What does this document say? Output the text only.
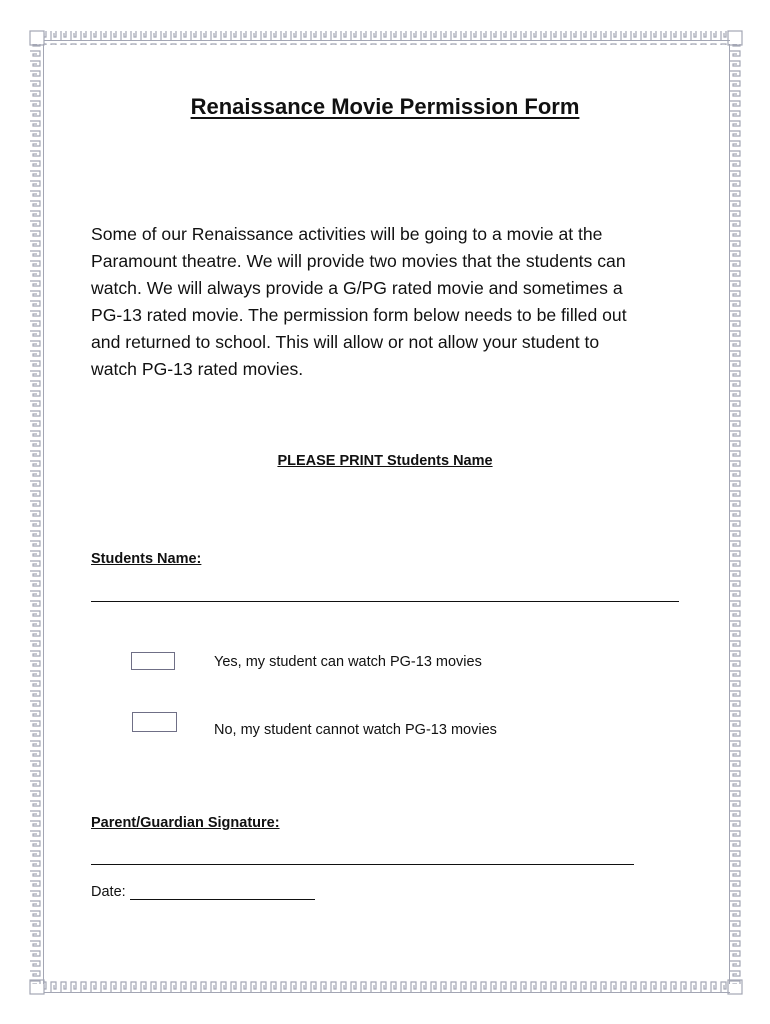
Renaissance Movie Permission Form

Some of our Renaissance activities will be going to a movie at the
Paramount theatre. We will provide two movies that the students can
watch. We will always provide a G/PG rated movie and sometimes a
PG-13 rated movie. The permission form below needs to be filled out
and returned to school. This will allow or not allow your student to
watch PG-13 rated movies.

PLEASE PRINT Students Name
Students Name:
Yes, my student can watch PG-13 movies
No, my student cannot watch PG-13 movies
Parent/Guardian Signature:
Date:
